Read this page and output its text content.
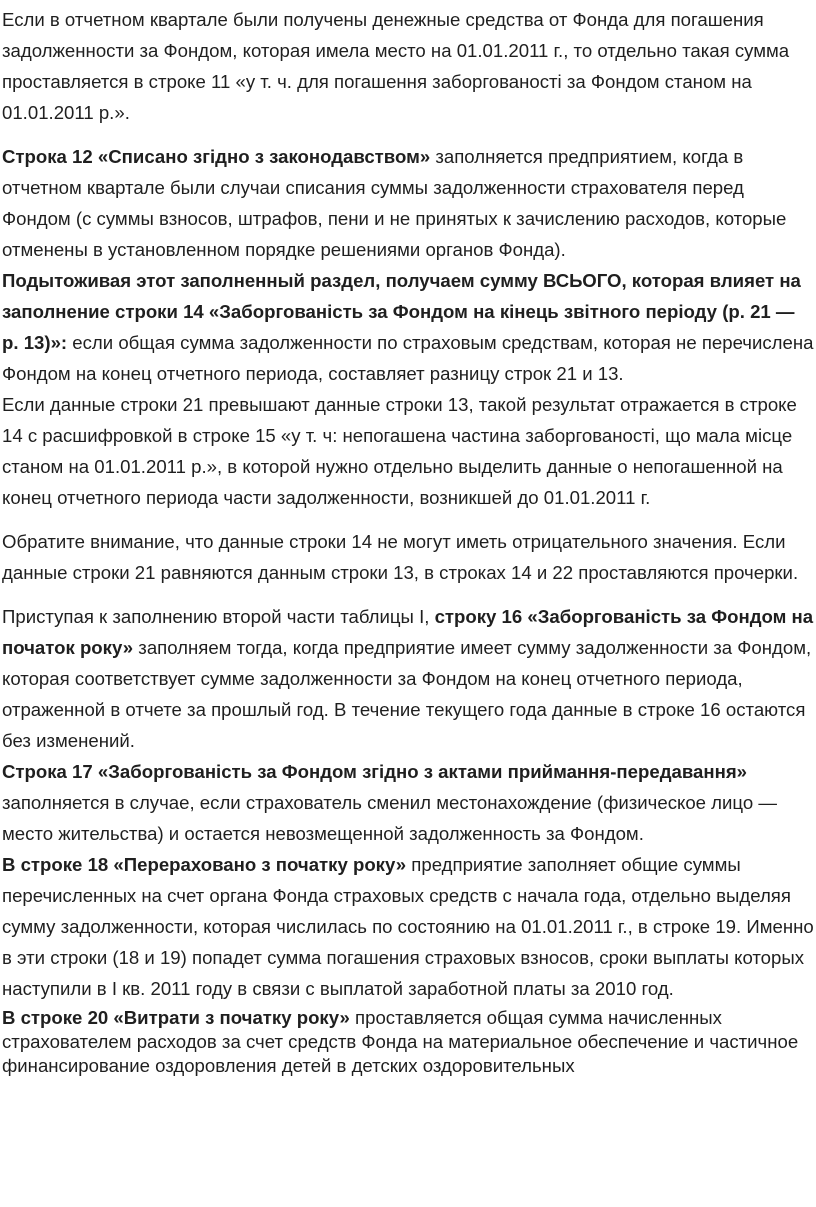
Если в отчетном квартале были получены денежные средства от Фонда для погашения задолженности за Фондом, которая имела место на 01.01.2011 г., то отдельно такая сумма проставляется в строке 11 «у т. ч. для погашення заборгованості за Фондом станом на 01.01.2011 р.».

Строка 12 «Списано згідно з законодавством» заполняется предприятием, когда в отчетном квартале были случаи списания суммы задолженности страхователя перед Фондом (с суммы взносов, штрафов, пени и не принятых к зачислению расходов, которые отменены в установленном порядке решениями органов Фонда).

Подытоживая этот заполненный раздел, получаем сумму ВСЬОГО, которая влияет на заполнение строки 14 «Заборгованість за Фондом на кінець звітного періоду (р. 21 — р. 13)»: если общая сумма задолженности по страховым средствам, которая не перечислена Фондом на конец отчетного периода, составляет разницу строк 21 и 13.

Если данные строки 21 превышают данные строки 13, такой результат отражается в строке 14 с расшифровкой в строке 15 «у т. ч: непогашена частина заборгованості, що мала місце станом на 01.01.2011 р.», в которой нужно отдельно выделить данные о непогашенной на конец отчетного периода части задолженности, возникшей до 01.01.2011 г.

Обратите внимание, что данные строки 14 не могут иметь отрицательного значения. Если данные строки 21 равняются данным строки 13, в строках 14 и 22 проставляются прочерки.

Приступая к заполнению второй части таблицы I, строку 16 «Заборгованість за Фондом на початок року» заполняем тогда, когда предприятие имеет сумму задолженности за Фондом, которая соответствует сумме задолженности за Фондом на конец отчетного периода, отраженной в отчете за прошлый год. В течение текущего года данные в строке 16 остаются без изменений.

Строка 17 «Заборгованість за Фондом згідно з актами приймання-передавання» заполняется в случае, если страхователь сменил местонахождение (физическое лицо — место жительства) и остается невозмещенной задолженность за Фондом.

В строке 18 «Перераховано з початку року» предприятие заполняет общие суммы перечисленных на счет органа Фонда страховых средств с начала года, отдельно выделяя сумму задолженности, которая числилась по состоянию на 01.01.2011 г., в строке 19. Именно в эти строки (18 и 19) попадет сумма погашения страховых взносов, сроки выплаты которых наступили в I кв. 2011 году в связи с выплатой заработной платы за 2010 год.

В строке 20 «Витрати з початку року» проставляется общая сумма начисленных страхователем расходов за счет средств Фонда на материальное обеспечение и частичное финансирование оздоровления детей в детских оздоровительных
